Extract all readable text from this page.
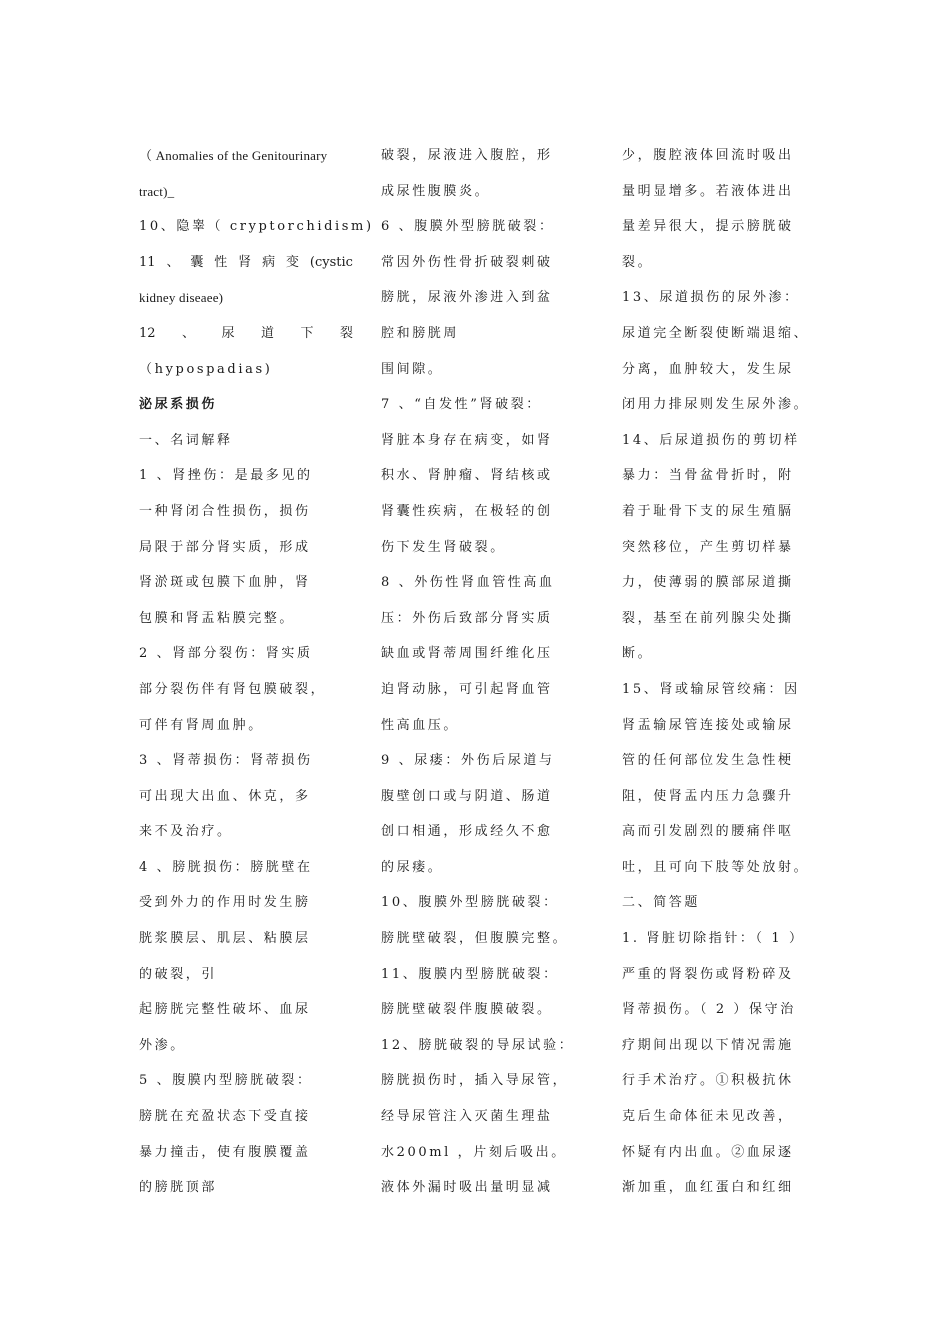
（ Anomalies of the Genitourinary
tract)_
10、隐睾（ cryptorchidism)
11 、 囊 性 肾 病 变 (cystic
kidney diseaee)
12 、 尿 道 下 裂
（hypospadias)
泌尿系损伤
一、名词解释
1 、肾挫伤：是最多见的
一种肾闭合性损伤，损伤
局限于部分肾实质，形成
肾淤斑或包膜下血肿，肾
包膜和肾盂粘膜完整。
2 、肾部分裂伤：肾实质
部分裂伤伴有肾包膜破裂，
可伴有肾周血肿。
3 、肾蒂损伤：肾蒂损伤
可出现大出血、休克，多
来不及治疗。
4 、膀胱损伤：膀胱壁在
受到外力的作用时发生膀
胱浆膜层、肌层、粘膜层
的破裂，引
起膀胱完整性破坏、血尿
外渗。
5 、腹膜内型膀胱破裂：
膀胱在充盈状态下受直接
暴力撞击，使有腹膜覆盖
的膀胱顶部
破裂，尿液进入腹腔，形
成尿性腹膜炎。
6 、腹膜外型膀胱破裂：
常因外伤性骨折破裂刺破
膀胱，尿液外渗进入到盆
腔和膀胱周
围间隙。
7 、“自发性”肾破裂：
肾脏本身存在病变，如肾
积水、肾肿瘤、肾结核或
肾囊性疾病，在极轻的创
伤下发生肾破裂。
8 、外伤性肾血管性高血
压：外伤后致部分肾实质
缺血或肾蒂周围纤维化压
迫肾动脉，可引起肾血管
性高血压。
9 、尿瘘：外伤后尿道与
腹壁创口或与阴道、肠道
创口相通，形成经久不愈
的尿瘘。
10、腹膜外型膀胱破裂：
膀胱壁破裂，但腹膜完整。
11、腹膜内型膀胱破裂：
膀胱壁破裂伴腹膜破裂。
12、膀胱破裂的导尿试验：
膀胱损伤时，插入导尿管，
经导尿管注入灭菌生理盐
水200ml ，片刻后吸出。
液体外漏时吸出量明显减
少，腹腔液体回流时吸出
量明显增多。若液体进出
量差异很大，提示膀胱破
裂。
13、尿道损伤的尿外渗：
尿道完全断裂使断端退缩、
分离，血肿较大，发生尿
闭用力排尿则发生尿外渗。
14、后尿道损伤的剪切样
暴力：当骨盆骨折时，附
着于耻骨下支的尿生殖膈
突然移位，产生剪切样暴
力，使薄弱的膜部尿道撕
裂，基至在前列腺尖处撕
断。
15、肾或输尿管绞痛：因
肾盂输尿管连接处或输尿
管的任何部位发生急性梗
阻，使肾盂内压力急骤升
高而引发剧烈的腰痛伴呕
吐，且可向下肢等处放射。
二、简答题
1. 肾脏切除指针：（ 1 ）
严重的肾裂伤或肾粉碎及
肾蒂损伤。（ 2 ）保守治
疗期间出现以下情况需施
行手术治疗。①积极抗休
克后生命体征未见改善，
怀疑有内出血。②血尿逐
渐加重，血红蛋白和红细
